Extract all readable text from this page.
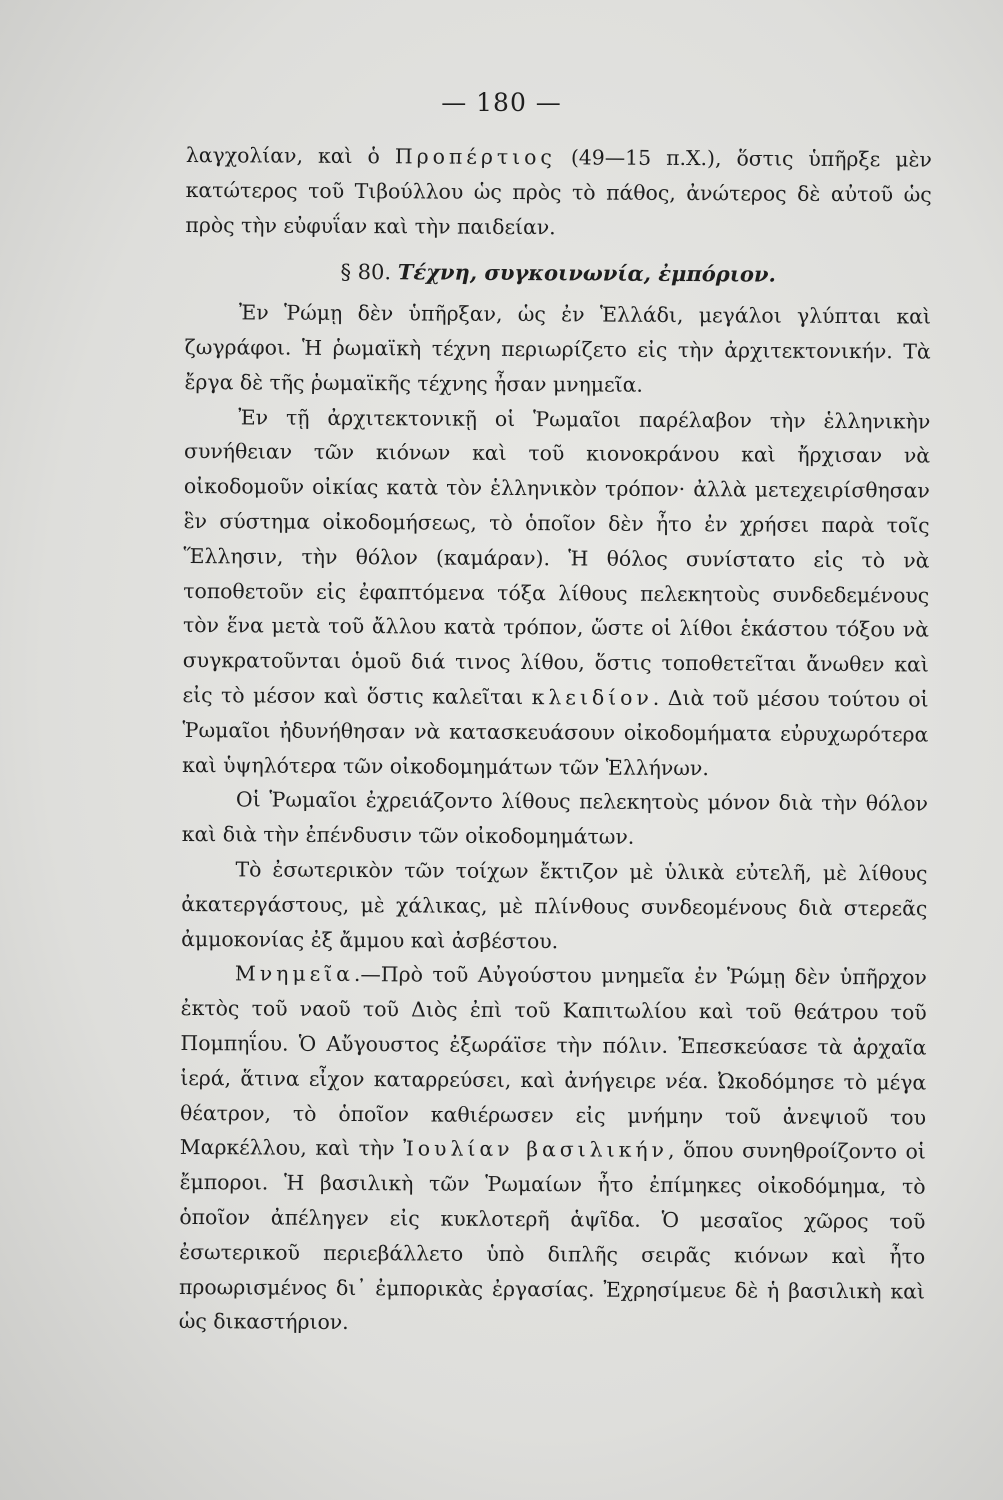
— 180 —

λαγχολίαν, καὶ ὁ Προπέρτιος (49—15 π.Χ.), ὅστις ὑπῆρξε μὲν κατώτερος τοῦ Τιβούλλου ὡς πρὸς τὸ πάθος, ἀνώτερος δὲ αὐτοῦ ὡς πρὸς τὴν εὐφυΐαν καὶ τὴν παιδείαν.

§ 80. Τέχνη, συγκοινωνία, ἐμπόριον.

Ἐν Ῥώμῃ δὲν ὑπῆρξαν, ὡς ἐν Ἑλλάδι, μεγάλοι γλύπται καὶ ζωγράφοι. Ἡ ῥωμαϊκὴ τέχνη περιωρίζετο εἰς τὴν ἀρχιτεκτονικήν. Τὰ ἔργα δὲ τῆς ῥωμαϊκῆς τέχνης ἦσαν μνημεῖα.

Ἐν τῇ ἀρχιτεκτονικῇ οἱ Ῥωμαῖοι παρέλαβον τὴν ἑλληνικὴν συνήθειαν τῶν κιόνων καὶ τοῦ κιονοκράνου καὶ ἤρχισαν νὰ οἰκοδομοῦν οἰκίας κατὰ τὸν ἑλληνικὸν τρόπον· ἀλλὰ μετεχειρίσθησαν ἓν σύστημα οἰκοδομήσεως, τὸ ὁποῖον δὲν ἦτο ἐν χρήσει παρὰ τοῖς Ἕλλησιν, τὴν θόλον (καμάραν). Ἡ θόλος συνίστατο εἰς τὸ νὰ τοποθετοῦν εἰς ἐφαπτόμενα τόξα λίθους πελεκητοὺς συνδεδεμένους τὸν ἕνα μετὰ τοῦ ἄλλου κατὰ τρόπον, ὥστε οἱ λίθοι ἑκάστου τόξου νὰ συγκρατοῦνται ὁμοῦ διά τινος λίθου, ὅστις τοποθετεῖται ἄνωθεν καὶ εἰς τὸ μέσον καὶ ὅστις καλεῖται κλειδίον. Διὰ τοῦ μέσου τούτου οἱ Ῥωμαῖοι ἠδυνήθησαν νὰ κατασκευάσουν οἰκοδομήματα εὐρυχωρότερα καὶ ὑψηλότερα τῶν οἰκοδομημάτων τῶν Ἑλλήνων.

Οἱ Ῥωμαῖοι ἐχρειάζοντο λίθους πελεκητοὺς μόνον διὰ τὴν θόλον καὶ διὰ τὴν ἐπένδυσιν τῶν οἰκοδομημάτων.

Τὸ ἐσωτερικὸν τῶν τοίχων ἔκτιζον μὲ ὑλικὰ εὐτελῆ, μὲ λίθους ἀκατεργάστους, μὲ χάλικας, μὲ πλίνθους συνδεομένους διὰ στερεᾶς ἀμμοκονίας ἐξ ἄμμου καὶ ἀσβέστου.

Μνημεῖα.—Πρὸ τοῦ Αὐγούστου μνημεῖα ἐν Ῥώμῃ δὲν ὑπῆρχον ἐκτὸς τοῦ ναοῦ τοῦ Διὸς ἐπὶ τοῦ Καπιτωλίου καὶ τοῦ θεάτρου τοῦ Πομπηΐου. Ὁ Αὔγουστος ἐξωράϊσε τὴν πόλιν. Ἐπεσκεύασε τὰ ἀρχαῖα ἱερά, ἅτινα εἶχον καταρρεύσει, καὶ ἀνήγειρε νέα. Ὠκοδόμησε τὸ μέγα θέατρον, τὸ ὁποῖον καθιέρωσεν εἰς μνήμην τοῦ ἀνεψιοῦ του Μαρκέλλου, καὶ τὴν Ἰουλίαν βασιλικήν, ὅπου συνηθροίζοντο οἱ ἔμποροι. Ἡ βασιλικὴ τῶν Ῥωμαίων ἦτο ἐπίμηκες οἰκοδόμημα, τὸ ὁποῖον ἀπέληγεν εἰς κυκλοτερῆ ἁψῖδα. Ὁ μεσαῖος χῶρος τοῦ ἐσωτερικοῦ περιεβάλλετο ὑπὸ διπλῆς σειρᾶς κιόνων καὶ ἦτο προωρισμένος δι᾽ ἐμπορικὰς ἐργασίας. Ἐχρησίμευε δὲ ἡ βασιλικὴ καὶ ὡς δικαστήριον.
